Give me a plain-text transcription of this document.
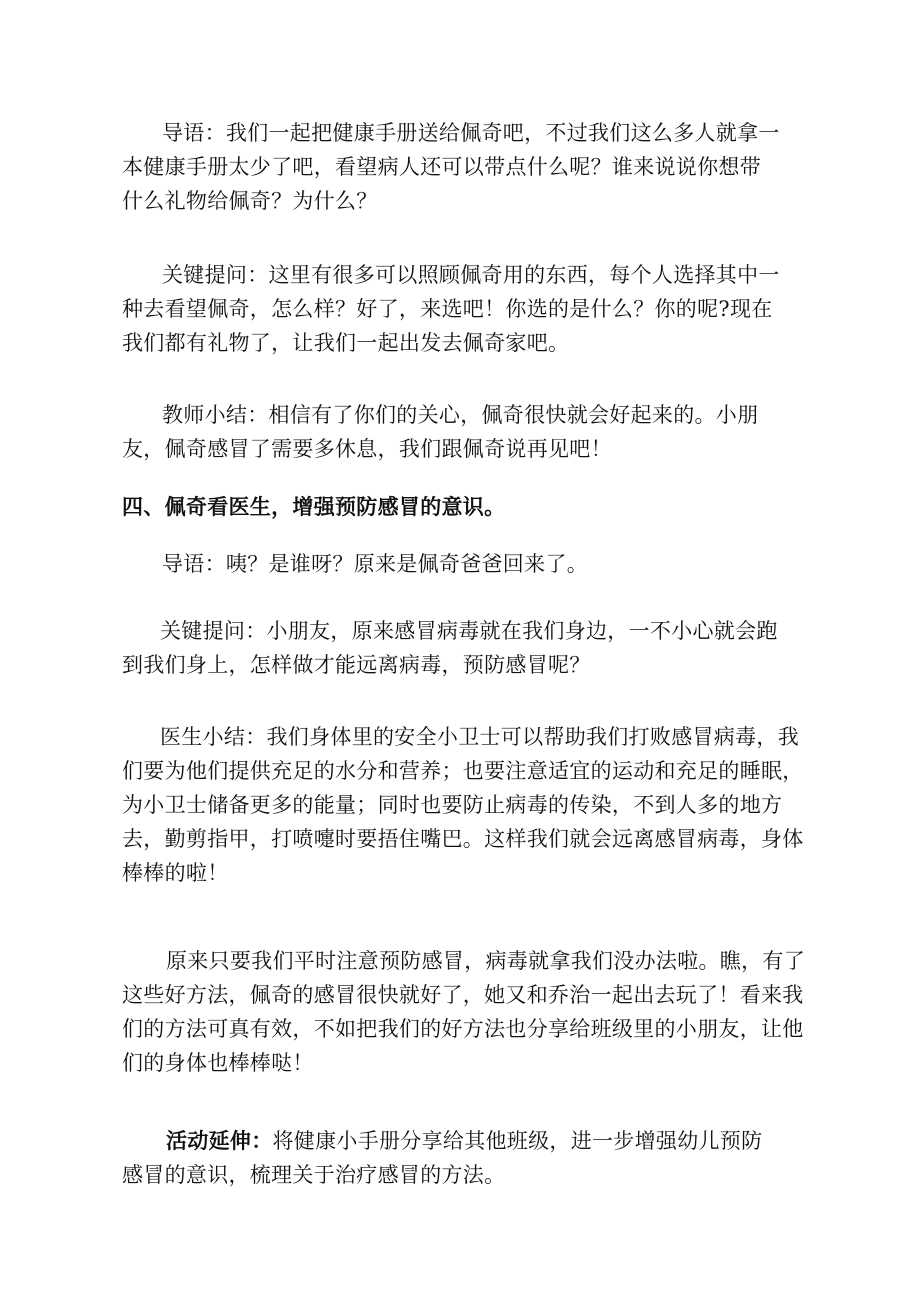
导语：我们一起把健康手册送给佩奇吧，不过我们这么多人就拿一
本健康手册太少了吧，看望病人还可以带点什么呢？谁来说说你想带
什么礼物给佩奇？为什么？
关键提问：这里有很多可以照顾佩奇用的东西，每个人选择其中一
种去看望佩奇，怎么样？好了，来选吧！你选的是什么？你的呢?现在
我们都有礼物了，让我们一起出发去佩奇家吧。
教师小结：相信有了你们的关心，佩奇很快就会好起来的。小朋
友，佩奇感冒了需要多休息，我们跟佩奇说再见吧！
四、佩奇看医生，增强预防感冒的意识。
导语：咦？是谁呀？原来是佩奇爸爸回来了。
关键提问：小朋友，原来感冒病毒就在我们身边，一不小心就会跑
到我们身上，怎样做才能远离病毒，预防感冒呢？
医生小结：我们身体里的安全小卫士可以帮助我们打败感冒病毒，我
们要为他们提供充足的水分和营养；也要注意适宜的运动和充足的睡眠，
为小卫士储备更多的能量；同时也要防止病毒的传染，不到人多的地方
去，勤剪指甲，打喷嚏时要捂住嘴巴。这样我们就会远离感冒病毒，身体
棒棒的啦！
原来只要我们平时注意预防感冒，病毒就拿我们没办法啦。瞧，有了
这些好方法，佩奇的感冒很快就好了，她又和乔治一起出去玩了！看来我
们的方法可真有效，不如把我们的好方法也分享给班级里的小朋友，让他
们的身体也棒棒哒！
活动延伸：将健康小手册分享给其他班级，进一步增强幼儿预防
感冒的意识，梳理关于治疗感冒的方法。
